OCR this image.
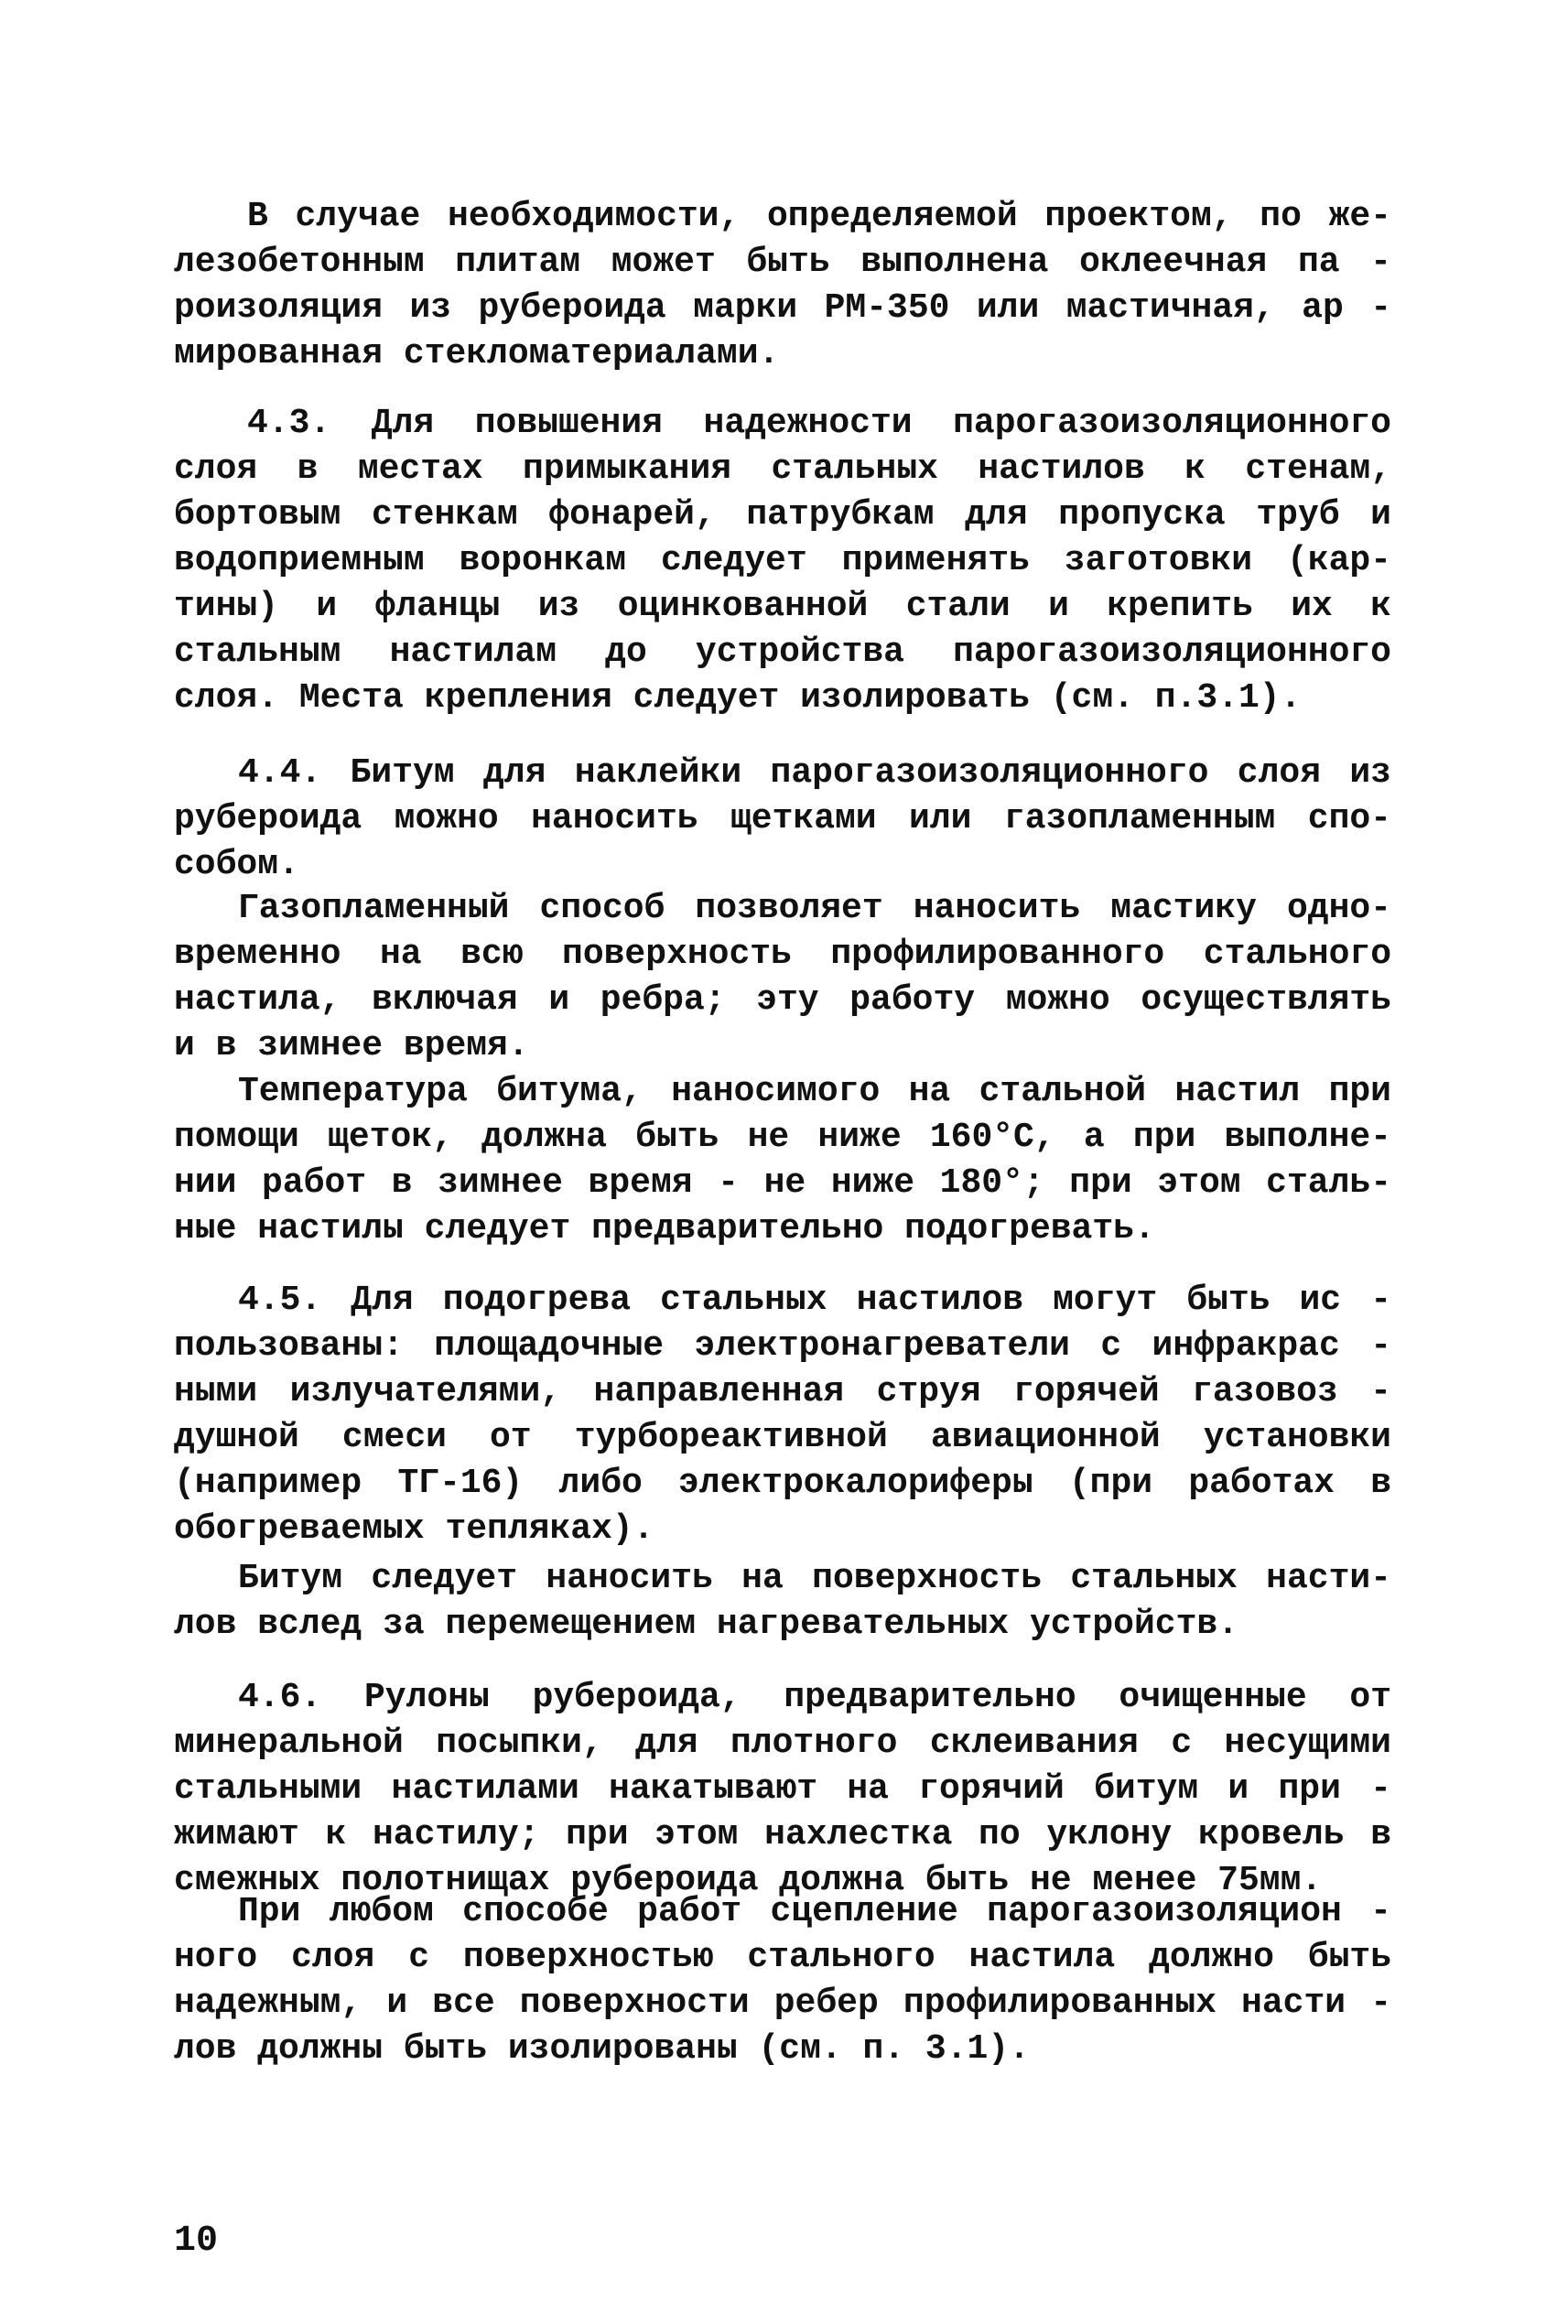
В случае необходимости, определяемой проектом, по же-
лезобетонным плитам может быть выполнена оклеечная па -
роизоляция из рубероида марки РМ-350 или мастичная, ар -
мированная стекломатериалами.
4.3. Для повышения надежности парогазоизоляционного
слоя в местах примыкания стальных настилов к стенам,
бортовым стенкам фонарей, патрубкам для пропуска труб и
водоприемным воронкам следует применять заготовки (кар-
тины) и фланцы из оцинкованной стали и крепить их к
стальным настилам до устройства парогазоизоляционного
слоя. Места крепления следует изолировать (см. п.3.1).
4.4. Битум для наклейки парогазоизоляционного слоя из
рубероида можно наносить щетками или газопламенным спо-
собом.
Газопламенный способ позволяет наносить мастику одно-
временно на всю поверхность профилированного стального
настила, включая и ребра; эту работу можно осуществлять
и в зимнее время.
Температура битума, наносимого на стальной настил при
помощи щеток, должна быть не ниже 160°С, а при выполне-
нии работ в зимнее время - не ниже 180°; при этом сталь-
ные настилы следует предварительно подогревать.
4.5. Для подогрева стальных настилов могут быть ис -
пользованы: площадочные электронагреватели с инфракрас -
ными излучателями, направленная струя горячей газовоз -
душной смеси от турбореактивной авиационной установки
(например ТГ-16) либо электрокалориферы (при работах в
обогреваемых тепляках).
Битум следует наносить на поверхность стальных насти-
лов вслед за перемещением нагревательных устройств.
4.6. Рулоны рубероида, предварительно очищенные от
минеральной посыпки, для плотного склеивания с несущими
стальными настилами накатывают на горячий битум и при -
жимают к настилу; при этом нахлестка по уклону кровель в
смежных полотнищах рубероида должна быть не менее 75мм.
При любом способе работ сцепление парогазоизоляцион -
ного слоя с поверхностью стального настила должно быть
надежным, и все поверхности ребер профилированных насти -
лов должны быть изолированы (см. п. 3.1).
10
